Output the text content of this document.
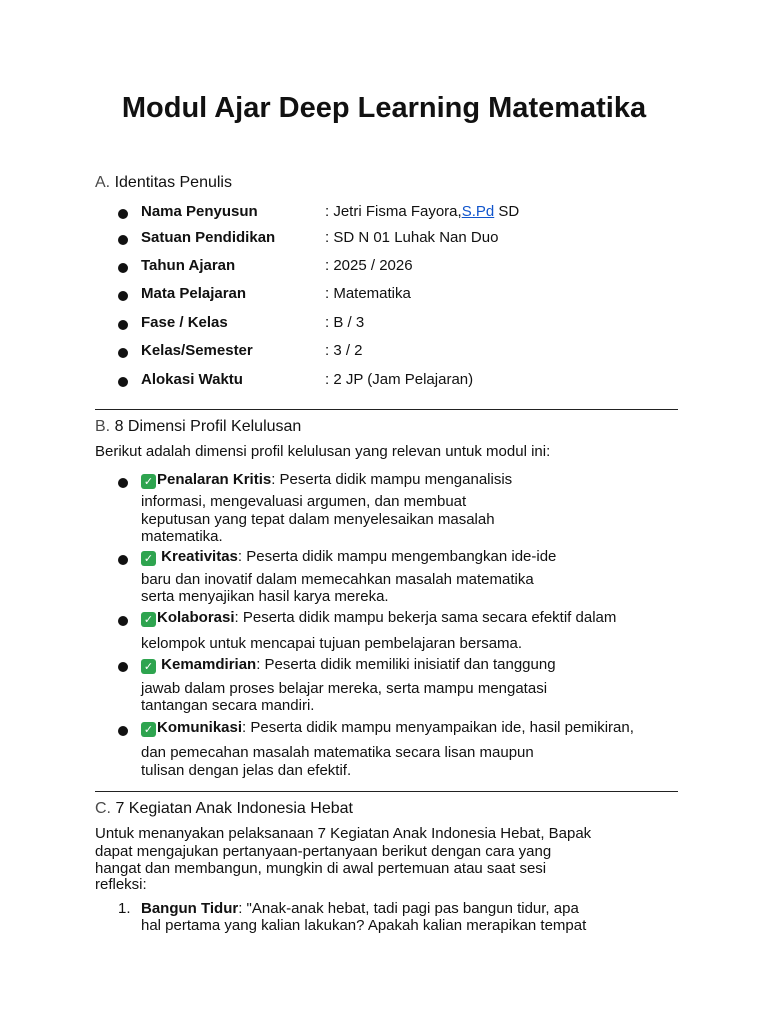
Modul Ajar Deep Learning Matematika
A. Identitas Penulis
Nama Penyusun	: Jetri Fisma Fayora,S.Pd SD
Satuan Pendidikan	: SD N 01 Luhak Nan Duo
Tahun Ajaran	: 2025 / 2026
Mata Pelajaran	: Matematika
Fase / Kelas	: B / 3
Kelas/Semester	: 3 / 2
Alokasi Waktu	: 2 JP (Jam Pelajaran)
B. 8 Dimensi Profil Kelulusan
Berikut adalah dimensi profil kelulusan yang relevan untuk modul ini:
✓ Penalaran Kritis: Peserta didik mampu menganalisis
informasi, mengevaluasi argumen, dan membuat
keputusan yang tepat dalam menyelesaikan masalah
matematika.
✓ Kreativitas: Peserta didik mampu mengembangkan ide-ide
baru dan inovatif dalam memecahkan masalah matematika
serta menyajikan hasil karya mereka.
✓ Kolaborasi: Peserta didik mampu bekerja sama secara efektif dalam
kelompok untuk mencapai tujuan pembelajaran bersama.
✓ Kemamdirian: Peserta didik memiliki inisiatif dan tanggung
jawab dalam proses belajar mereka, serta mampu mengatasi
tantangan secara mandiri.
✓ Komunikasi: Peserta didik mampu menyampaikan ide, hasil pemikiran,
dan pemecahan masalah matematika secara lisan maupun
tulisan dengan jelas dan efektif.
C. 7 Kegiatan Anak Indonesia Hebat
Untuk menanyakan pelaksanaan 7 Kegiatan Anak Indonesia Hebat, Bapak
dapat mengajukan pertanyaan-pertanyaan berikut dengan cara yang
hangat dan membangun, mungkin di awal pertemuan atau saat sesi
refleksi:
1. Bangun Tidur: "Anak-anak hebat, tadi pagi pas bangun tidur, apa
hal pertama yang kalian lakukan? Apakah kalian merapikan tempat
